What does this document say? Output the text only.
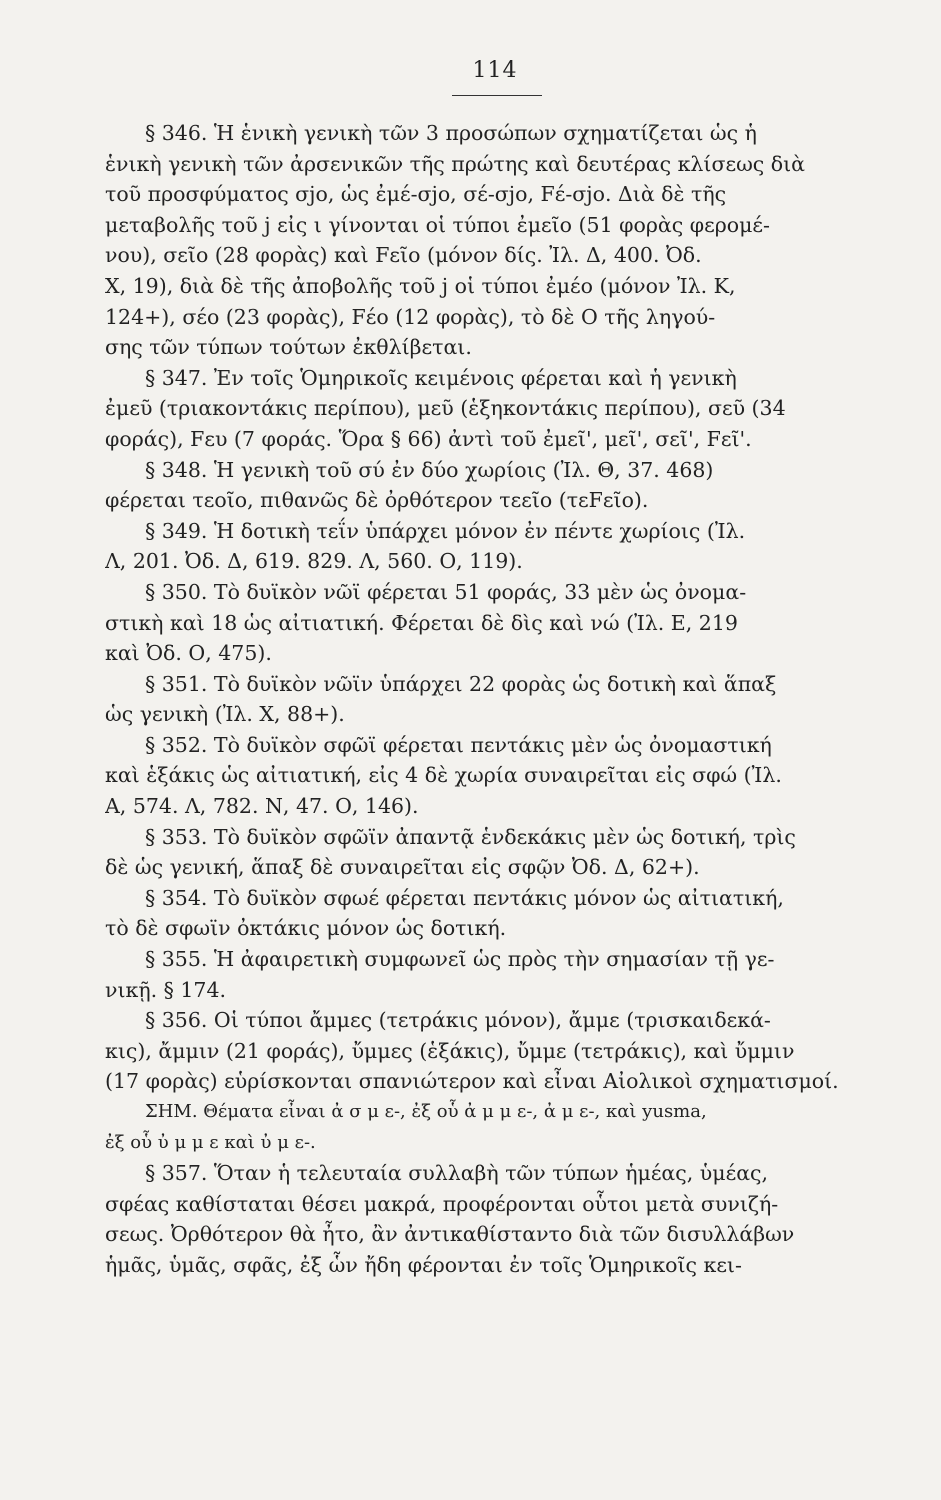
114
§ 346. Ἡ ἑνικὴ γενικὴ τῶν 3 προσώπων σχηματίζεται ὡς ἡ
ἑνικὴ γενικὴ τῶν ἀρσενικῶν τῆς πρώτης καὶ δευτέρας κλίσεως διὰ
τοῦ προσφύματος σjο, ὡς ἐμέ-σjο, σέ-σjο, Fέ-σjο. Διὰ δὲ τῆς
μεταβολῆς τοῦ j εἰς ι γίνονται οἱ τύποι ἐμεῖο (51 φορὰς φερομέ-
νου), σεῖο (28 φορὰς) καὶ Fεῖο (μόνον δίς. Ἰλ. Δ, 400. Ὀδ.
Χ, 19), διὰ δὲ τῆς ἀποβολῆς τοῦ j οἱ τύποι ἐμέο (μόνον Ἰλ. Κ,
124+), σέο (23 φορὰς), Fέο (12 φορὰς), τὸ δὲ Ο τῆς ληγού-
σης τῶν τύπων τούτων ἐκθλίβεται.
§ 347. Ἐν τοῖς Ὁμηρικοῖς κειμένοις φέρεται καὶ ἡ γενικὴ
ἐμεῦ (τριακοντάκις περίπου), μεῦ (ἑξηκοντάκις περίπου), σεῦ (34
φοράς), Fευ (7 φοράς. Ὅρα § 66) ἀντὶ τοῦ ἐμεῖ', μεῖ', σεῖ', Fεῖ'.
§ 348. Ἡ γενικὴ τοῦ σύ ἐν δύο χωρίοις (Ἰλ. Θ, 37. 468)
φέρεται τεοῖο, πιθανῶς δὲ ὀρθότερον τεεῖο (τεFεῖο).
§ 349. Ἡ δοτικὴ τεΐν ὑπάρχει μόνον ἐν πέντε χωρίοις (Ἰλ.
Λ, 201. Ὀδ. Δ, 619. 829. Λ, 560. Ο, 119).
§ 350. Τὸ δυϊκὸν νῶϊ φέρεται 51 φοράς, 33 μὲν ὡς ὀνομα-
στικὴ καὶ 18 ὡς αἰτιατική. Φέρεται δὲ δὶς καὶ νώ (Ἰλ. Ε, 219
καὶ Ὀδ. Ο, 475).
§ 351. Τὸ δυϊκὸν νῶϊν ὑπάρχει 22 φορὰς ὡς δοτικὴ καὶ ἅπαξ
ὡς γενικὴ (Ἰλ. Χ, 88+).
§ 352. Τὸ δυϊκὸν σφῶϊ φέρεται πεντάκις μὲν ὡς ὀνομαστική
καὶ ἑξάκις ὡς αἰτιατική, εἰς 4 δὲ χωρία συναιρεῖται εἰς σφώ (Ἰλ.
Α, 574. Λ, 782. Ν, 47. Ο, 146).
§ 353. Τὸ δυϊκὸν σφῶϊν ἀπαντᾷ ἑνδεκάκις μὲν ὡς δοτική, τρὶς
δὲ ὡς γενική, ἅπαξ δὲ συναιρεῖται εἰς σφῷν Ὀδ. Δ, 62+).
§ 354. Τὸ δυϊκὸν σφωέ φέρεται πεντάκις μόνον ὡς αἰτιατική,
τὸ δὲ σφωϊν ὀκτάκις μόνον ὡς δοτική.
§ 355. Ἡ ἀφαιρετικὴ συμφωνεῖ ὡς πρὸς τὴν σημασίαν τῇ γε-
νικῇ. § 174.
§ 356. Οἱ τύποι ἄμμες (τετράκις μόνον), ἄμμε (τρισκαιδεκά-
κις), ἄμμιν (21 φοράς), ὔμμες (ἑξάκις), ὔμμε (τετράκις), καὶ ὔμμιν
(17 φορὰς) εὑρίσκονται σπανιώτερον καὶ εἶναι Αἰολικοὶ σχηματισμοί.
ΣΗΜ. Θέματα εἶναι ἀ σ μ ε-, ἐξ οὗ ἀ μ μ ε-, ἀ μ ε-, καὶ yusma,
ἐξ οὗ ὐ μ μ ε καὶ ὐ μ ε-.
§ 357. Ὅταν ἡ τελευταία συλλαβὴ τῶν τύπων ἡμέας, ὑμέας,
σφέας καθίσταται θέσει μακρά, προφέρονται οὗτοι μετὰ συνιζή-
σεως. Ὀρθότερον θὰ ἦτο, ἂν ἀντικαθίσταντο διὰ τῶν δισυλλάβων
ἡμᾶς, ὑμᾶς, σφᾶς, ἐξ ὧν ἤδη φέρονται ἐν τοῖς Ὁμηρικοῖς κει-
